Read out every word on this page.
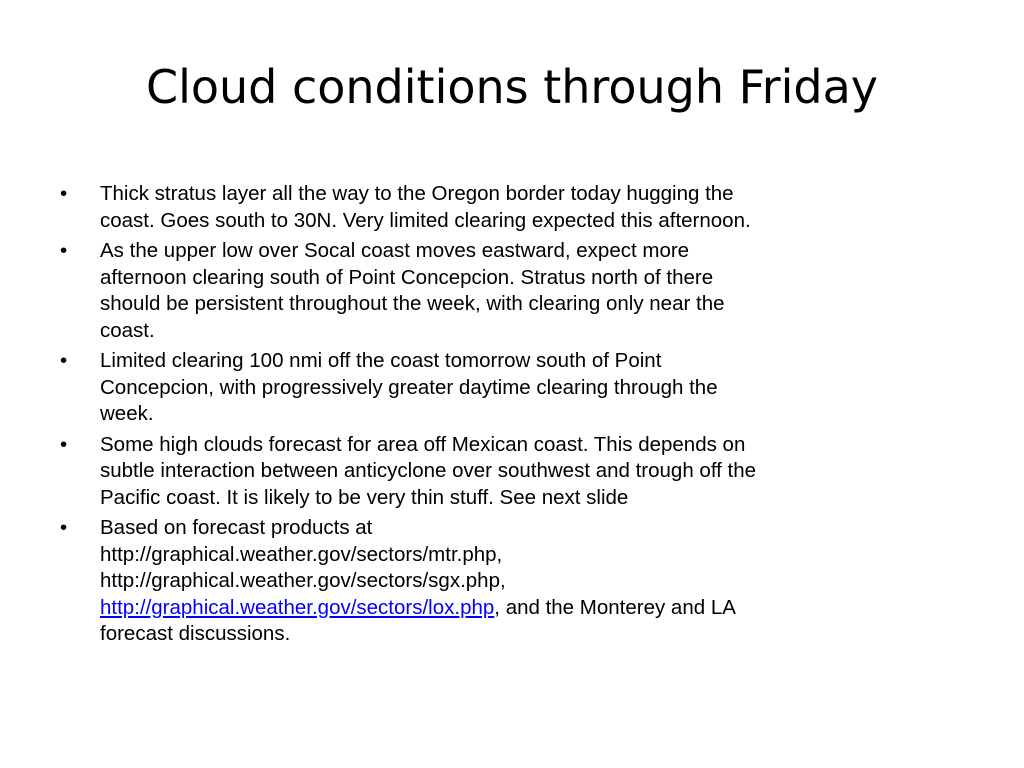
Cloud conditions through Friday
•	Thick stratus layer all the way to the Oregon border today hugging the
coast. Goes south to 30N. Very limited clearing expected this afternoon.
•	As the upper low over Socal coast moves eastward, expect more
afternoon clearing south of Point Concepcion. Stratus north of there
should be persistent throughout the week, with clearing only near the
coast.
•	Limited clearing 100 nmi off the coast tomorrow south of Point
Concepcion, with progressively greater daytime clearing through the
week.
•	Some high clouds forecast for area off Mexican coast. This depends on
subtle interaction between anticyclone over southwest and trough off the
Pacific coast. It is likely to be very thin stuff. See next slide
•	Based on forecast products at
http://graphical.weather.gov/sectors/mtr.php,
http://graphical.weather.gov/sectors/sgx.php,
http://graphical.weather.gov/sectors/lox.php, and the Monterey and LA
forecast discussions.
